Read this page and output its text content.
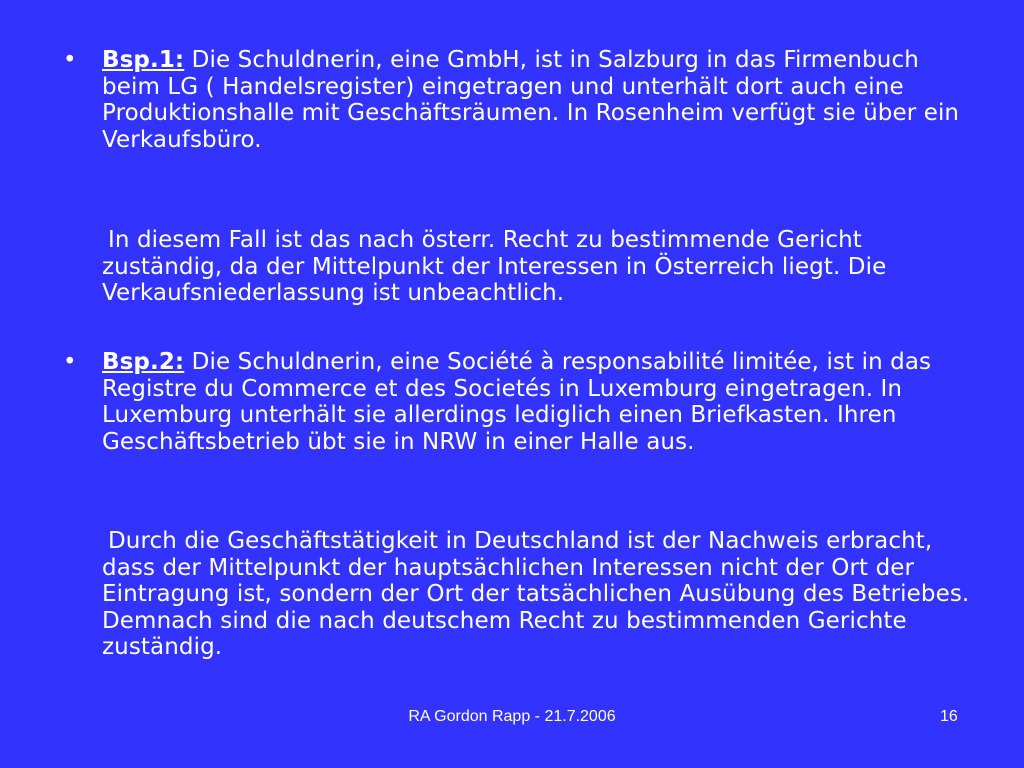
• Bsp.1: Die Schuldnerin, eine GmbH, ist in Salzburg in das Firmenbuch beim LG ( Handelsregister) eingetragen und unterhält dort auch eine Produktionshalle mit Geschäftsräumen. In Rosenheim verfügt sie über ein Verkaufsbüro.

In diesem Fall ist das nach österr. Recht zu bestimmende Gericht zuständig, da der Mittelpunkt der Interessen in Österreich liegt. Die Verkaufsniederlassung ist unbeachtlich.

• Bsp.2: Die Schuldnerin, eine Société à responsabilité limitée, ist in das Registre du Commerce et des Societés in Luxemburg eingetragen. In Luxemburg unterhält sie allerdings lediglich einen Briefkasten. Ihren Geschäftsbetrieb übt sie in NRW in einer Halle aus.

Durch die Geschäftstätigkeit in Deutschland ist der Nachweis erbracht, dass der Mittelpunkt der hauptsächlichen Interessen nicht der Ort der Eintragung ist, sondern der Ort der tatsächlichen Ausübung des Betriebes. Demnach sind die nach deutschem Recht zu bestimmenden Gerichte zuständig.

RA Gordon Rapp - 21.7.2006	16
